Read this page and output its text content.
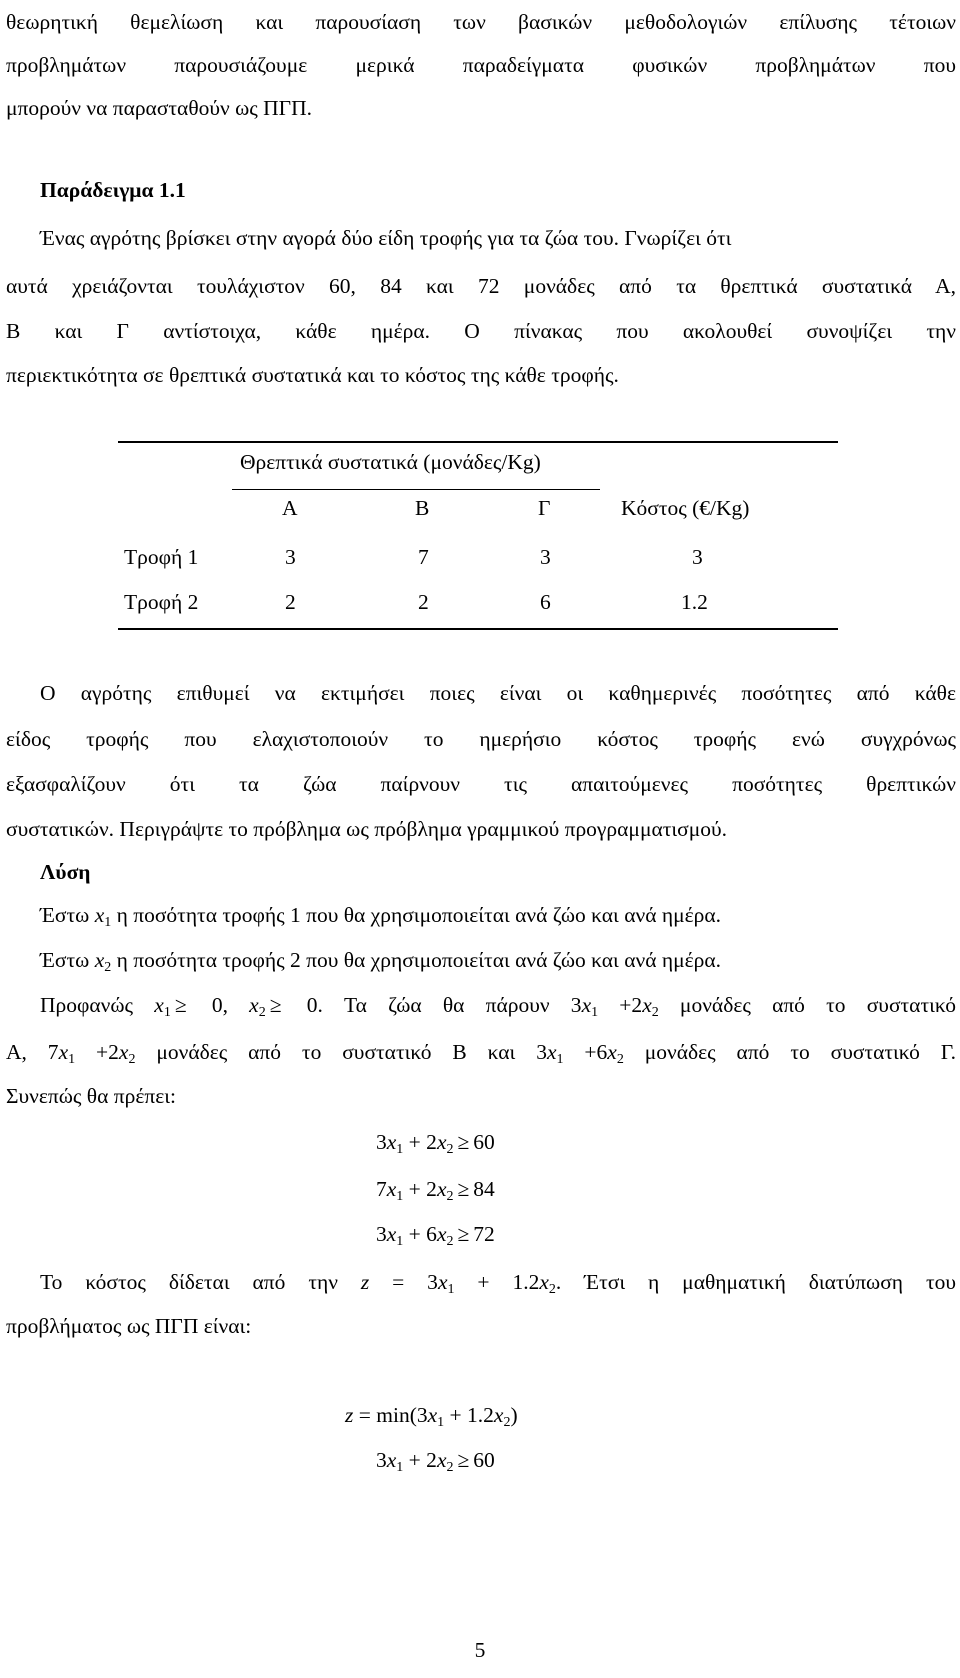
θεωρητική θεμελίωση και παρουσίαση των βασικών μεθοδολογιών επίλυσης τέτοιων
προβλημάτων παρουσιάζουμε μερικά παραδείγματα φυσικών προβλημάτων που
μπορούν να παρασταθούν ως ΠΓΠ.
Παράδειγμα 1.1
Ένας αγρότης βρίσκει στην αγορά δύο είδη τροφής για τα ζώα του. Γνωρίζει ότι
αυτά χρειάζονται τουλάχιστον 60, 84 και 72 μονάδες από τα θρεπτικά συστατικά Α,
Β και Γ αντίστοιχα, κάθε ημέρα. Ο πίνακας που ακολουθεί συνοψίζει την
περιεκτικότητα σε θρεπτικά συστατικά και το κόστος της κάθε τροφής.
Θρεπτικά συστατικά (μονάδες/Kg)
Α	Β	Γ	Κόστος (€/Kg)
Τροφή 1	3	7	3	3
Τροφή 2	2	2	6	1.2
Ο αγρότης επιθυμεί να εκτιμήσει ποιες είναι οι καθημερινές ποσότητες από κάθε
είδος τροφής που ελαχιστοποιούν το ημερήσιο κόστος τροφής ενώ συγχρόνως
εξασφαλίζουν ότι τα ζώα παίρνουν τις απαιτούμενες ποσότητες θρεπτικών
συστατικών. Περιγράψτε το πρόβλημα ως πρόβλημα γραμμικού προγραμματισμού.
Λύση
Έστω $x_1$ η ποσότητα τροφής 1 που θα χρησιμοποιείται ανά ζώο και ανά ημέρα.
Έστω $x_2$ η ποσότητα τροφής 2 που θα χρησιμοποιείται ανά ζώο και ανά ημέρα.
Προφανώς $x_1 \ge 0$, $x_2 \ge 0$. Τα ζώα θα πάρουν $3x_1 +2x_2$ μονάδες από το συστατικό
Α, $7x_1 +2x_2$ μονάδες από το συστατικό Β και $3x_1 +6x_2$ μονάδες από το συστατικό Γ.
Συνεπώς θα πρέπει:
$3x_1 + 2x_2 \ge 60$
$7x_1 + 2x_2 \ge 84$
$3x_1 + 6x_2 \ge 72$
Το κόστος δίδεται από την $z = 3x_1 + 1.2x_2$. Έτσι η μαθηματική διατύπωση του
προβλήματος ως ΠΓΠ είναι:
$z = \min(3x_1 + 1.2x_2)$
$3x_1 + 2x_2 \ge 60$
5
